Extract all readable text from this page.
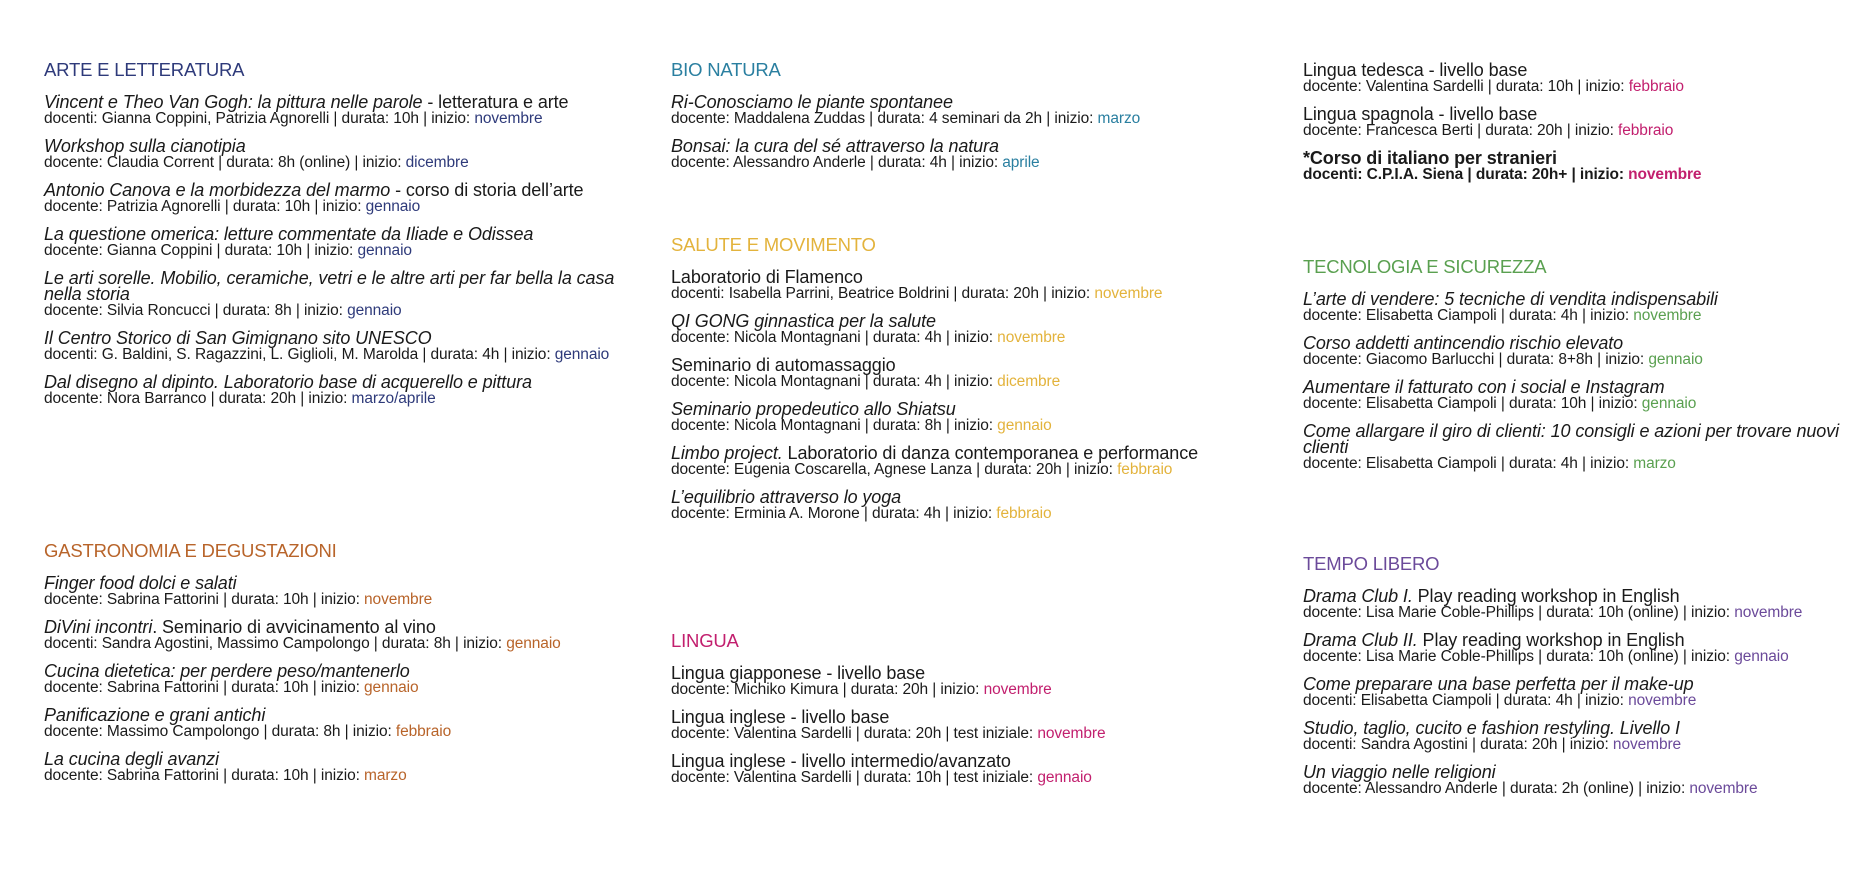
ARTE E LETTERATURA
Vincent e Theo Van Gogh: la pittura nelle parole - letteratura e arte
docenti: Gianna Coppini, Patrizia Agnorelli | durata: 10h | inizio: novembre
Workshop sulla cianotipia
docente: Claudia Corrent | durata: 8h (online) | inizio: dicembre
Antonio Canova e la morbidezza del marmo - corso di storia dell’arte
docente: Patrizia Agnorelli | durata: 10h | inizio: gennaio
La questione omerica: letture commentate da Iliade e Odissea
docente: Gianna Coppini | durata: 10h | inizio: gennaio
Le arti sorelle. Mobilio, ceramiche, vetri e le altre arti per far bella la casa nella storia
docente: Silvia Roncucci | durata: 8h | inizio: gennaio
Il Centro Storico di San Gimignano sito UNESCO
docenti: G. Baldini, S. Ragazzini, L. Giglioli, M. Marolda | durata: 4h | inizio: gennaio
Dal disegno al dipinto. Laboratorio base di acquerello e pittura
docente: Nora Barranco | durata: 20h | inizio: marzo/aprile
GASTRONOMIA E DEGUSTAZIONI
Finger food dolci e salati
docente: Sabrina Fattorini | durata: 10h | inizio: novembre
DiVini incontri. Seminario di avvicinamento al vino
docenti: Sandra Agostini, Massimo Campolongo | durata: 8h | inizio: gennaio
Cucina dietetica: per perdere peso/mantenerlo
docente: Sabrina Fattorini | durata: 10h | inizio: gennaio
Panificazione e grani antichi
docente: Massimo Campolongo | durata: 8h | inizio: febbraio
La cucina degli avanzi
docente: Sabrina Fattorini | durata: 10h | inizio: marzo
BIO NATURA
Ri-Conosciamo le piante spontanee
docente: Maddalena Zuddas | durata: 4 seminari da 2h | inizio: marzo
Bonsai: la cura del sé attraverso la natura
docente: Alessandro Anderle | durata: 4h | inizio: aprile
SALUTE E MOVIMENTO
Laboratorio di Flamenco
docenti: Isabella Parrini, Beatrice Boldrini | durata: 20h | inizio: novembre
QI GONG ginnastica per la salute
docente: Nicola Montagnani | durata: 4h | inizio: novembre
Seminario di automassaggio
docente: Nicola Montagnani | durata: 4h | inizio: dicembre
Seminario propedeutico allo Shiatsu
docente: Nicola Montagnani | durata: 8h | inizio: gennaio
Limbo project. Laboratorio di danza contemporanea e performance
docente: Eugenia Coscarella, Agnese Lanza | durata: 20h | inizio: febbraio
L’equilibrio attraverso lo yoga
docente: Erminia A. Morone | durata: 4h | inizio: febbraio
LINGUA
Lingua giapponese - livello base
docente: Michiko Kimura | durata: 20h | inizio: novembre
Lingua inglese - livello base
docente: Valentina Sardelli | durata: 20h | test iniziale: novembre
Lingua inglese - livello intermedio/avanzato
docente: Valentina Sardelli | durata: 10h | test iniziale: gennaio
Lingua tedesca - livello base
docente: Valentina Sardelli | durata: 10h | inizio: febbraio
Lingua spagnola - livello base
docente: Francesca Berti | durata: 20h | inizio: febbraio
*Corso di italiano per stranieri
docenti: C.P.I.A. Siena | durata: 20h+ | inizio: novembre
TECNOLOGIA E SICUREZZA
L’arte di vendere: 5 tecniche di vendita indispensabili
docente: Elisabetta Ciampoli | durata: 4h | inizio: novembre
Corso addetti antincendio rischio elevato
docente: Giacomo Barlucchi | durata: 8+8h | inizio: gennaio
Aumentare il fatturato con i social e Instagram
docente: Elisabetta Ciampoli | durata: 10h | inizio: gennaio
Come allargare il giro di clienti: 10 consigli e azioni per trovare nuovi clienti
docente: Elisabetta Ciampoli | durata: 4h | inizio: marzo
TEMPO LIBERO
Drama Club I. Play reading workshop in English
docente: Lisa Marie Coble-Phillips | durata: 10h (online) | inizio: novembre
Drama Club II. Play reading workshop in English
docente: Lisa Marie Coble-Phillips | durata: 10h (online) | inizio: gennaio
Come preparare una base perfetta per il make-up
docenti: Elisabetta Ciampoli | durata: 4h | inizio: novembre
Studio, taglio, cucito e fashion restyling. Livello I
docenti: Sandra Agostini | durata: 20h | inizio: novembre
Un viaggio nelle religioni
docente: Alessandro Anderle | durata: 2h (online) | inizio: novembre
